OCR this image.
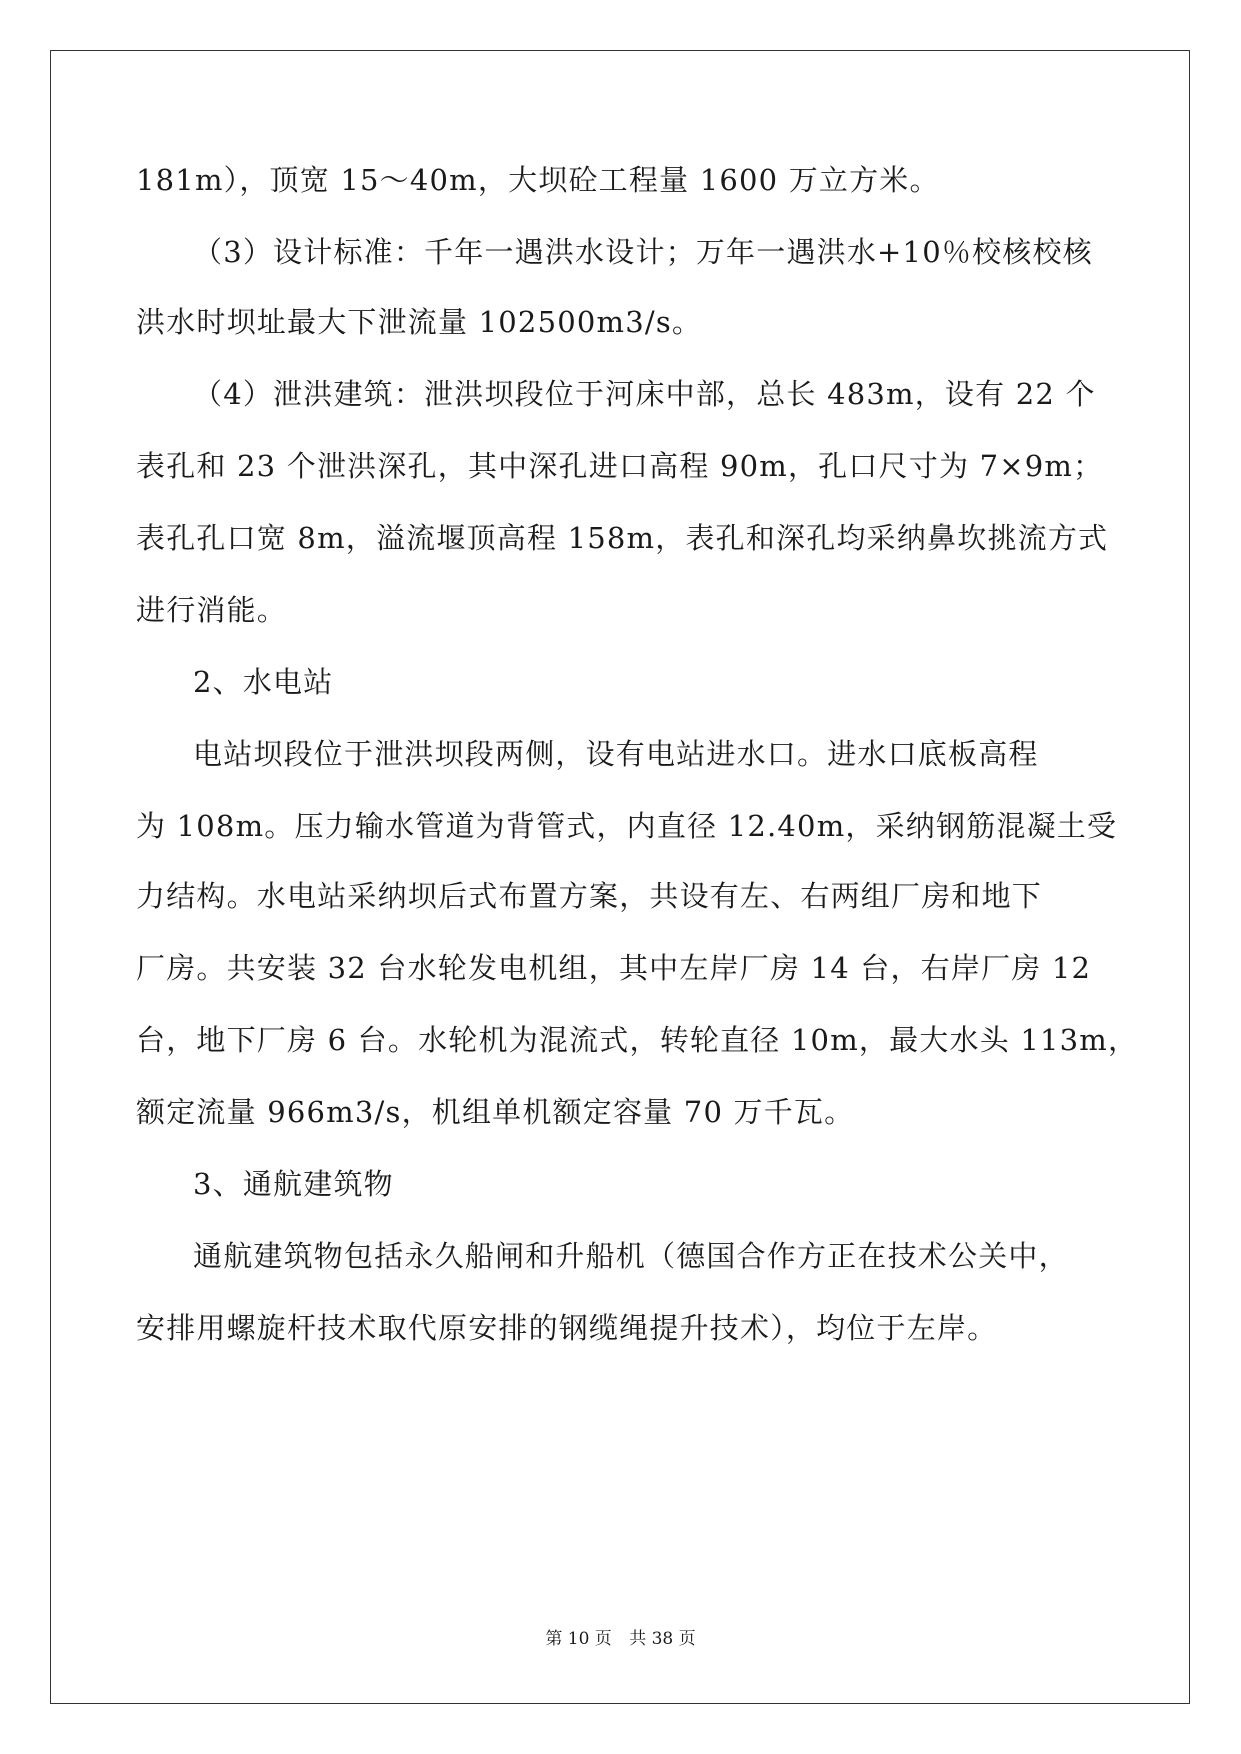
181m），顶宽 15～40m，大坝砼工程量 1600 万立方米。
（3）设计标准：千年一遇洪水设计；万年一遇洪水+10％校核校核
洪水时坝址最大下泄流量 102500m3/s。
（4）泄洪建筑：泄洪坝段位于河床中部，总长 483m，设有 22 个
表孔和 23 个泄洪深孔，其中深孔进口高程 90m，孔口尺寸为 7×9m；
表孔孔口宽 8m，溢流堰顶高程 158m，表孔和深孔均采纳鼻坎挑流方式
进行消能。
2、水电站
电站坝段位于泄洪坝段两侧，设有电站进水口。进水口底板高程
为 108m。压力输水管道为背管式，内直径 12.40m，采纳钢筋混凝土受
力结构。水电站采纳坝后式布置方案，共设有左、右两组厂房和地下
厂房。共安装 32 台水轮发电机组，其中左岸厂房 14 台，右岸厂房 12
台，地下厂房 6 台。水轮机为混流式，转轮直径 10m，最大水头 113m，
额定流量 966m3/s，机组单机额定容量 70 万千瓦。
3、通航建筑物
通航建筑物包括永久船闸和升船机（德国合作方正在技术公关中，
安排用螺旋杆技术取代原安排的钢缆绳提升技术），均位于左岸。
第 10 页 共 38 页
